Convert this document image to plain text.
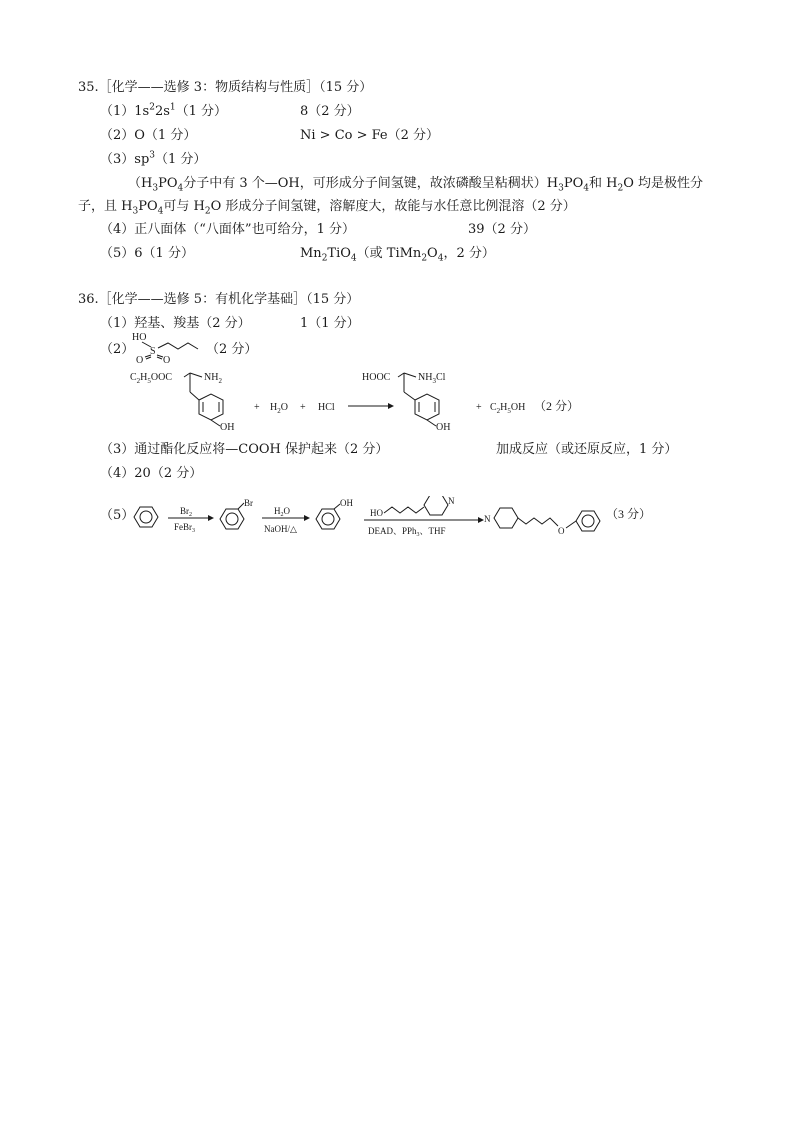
35.［化学——选修 3：物质结构与性质］（15 分）
$(1)1s^22s^1(1$ 分）	8（2 分）
（2）O（1 分）	Ni > Co > Fe（2 分）
$(3)sp^3(1$ 分）
（$H_3PO_4$分子中有 3 个—OH，可形成分子间氢键，故浓磷酸呈粘稠状）$H_3PO_4$和 $H_2O$ 均是极性分
子，且 $H_3PO_4$可与 $H_2O$ 形成分子间氢键，溶解度大，故能与水任意比例混溶（2 分）
（4）正八面体（“八面体”也可给分，1 分）	39（2 分）
（5）6（1 分）	$Mn_2TiO_4$（或 $TiMn_2O_4$，2 分）
36.［化学——选修 5：有机化学基础］（15 分）
（1）羟基、羧基（2 分）	1（1 分）
（2）
HO
S
O O
（2 分）
$C_2H_5OOC$	$NH_2$
OH
+ $H_2O$ + HCl
HOOC	$NH_3Cl$
OH
+ $C_2H_5OH$ （2 分）
（3）通过酯化反应将—COOH 保护起来（2 分）	加成反应（或还原反应，1 分）
（4）20（2 分）
（5）	$Br_2$
FeBr$_3$
Br
$H_2O$
NaOH/△
OH
HO
N
DEAD、PPh$_3$、THF
N
O
（3 分）
